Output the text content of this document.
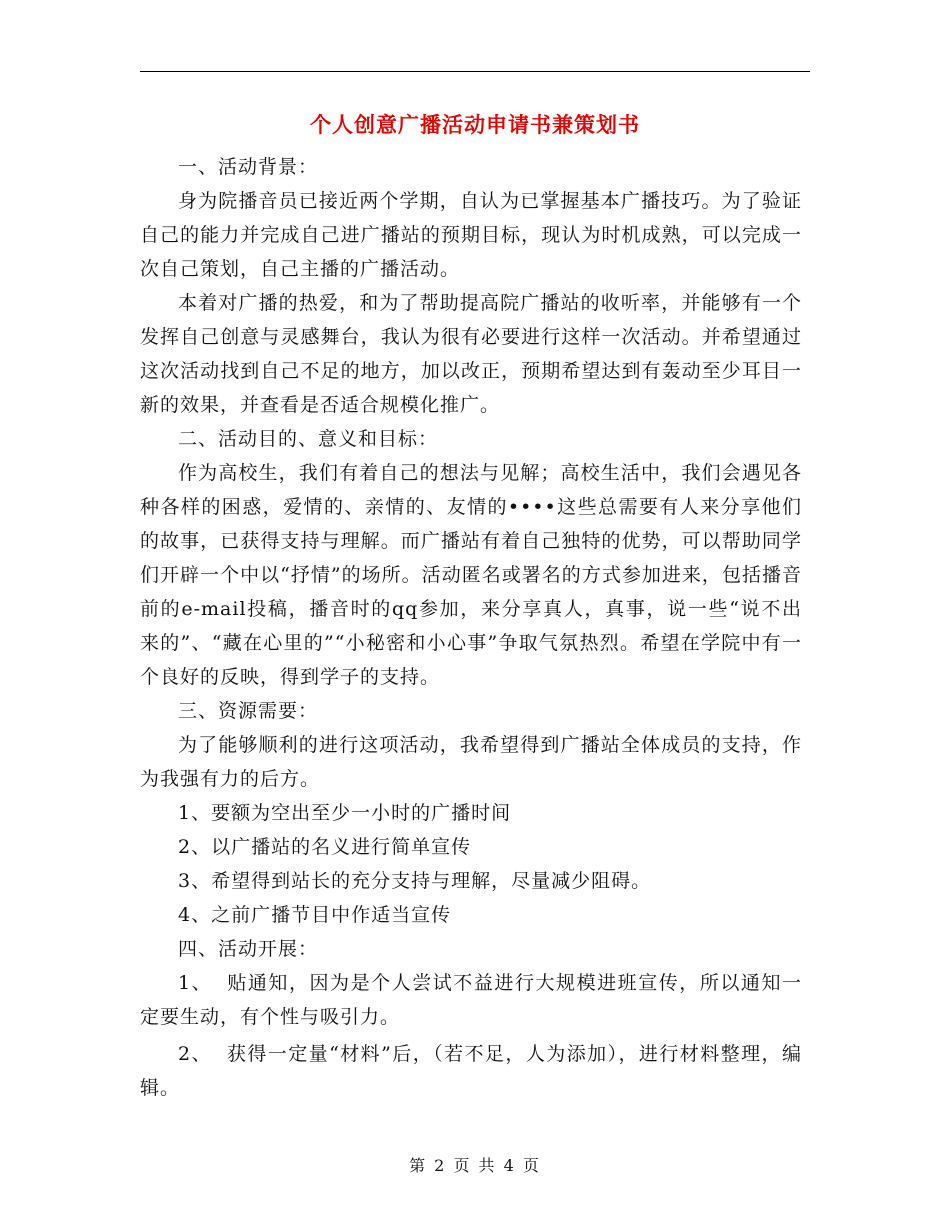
个人创意广播活动申请书兼策划书

一、活动背景：

身为院播音员已接近两个学期，自认为已掌握基本广播技巧。为了验证自己的能力并完成自己进广播站的预期目标，现认为时机成熟，可以完成一次自己策划，自己主播的广播活动。

本着对广播的热爱，和为了帮助提高院广播站的收听率，并能够有一个发挥自己创意与灵感舞台，我认为很有必要进行这样一次活动。并希望通过这次活动找到自己不足的地方，加以改正，预期希望达到有轰动至少耳目一新的效果，并查看是否适合规模化推广。

二、活动目的、意义和目标：

作为高校生，我们有着自己的想法与见解；高校生活中，我们会遇见各种各样的困惑，爱情的、亲情的、友情的••••这些总需要有人来分享他们的故事，已获得支持与理解。而广播站有着自己独特的优势，可以帮助同学们开辟一个中以“抒情”的场所。活动匿名或署名的方式参加进来，包括播音前的e-mail投稿，播音时的qq参加，来分享真人，真事，说一些“说不出来的”、“藏在心里的”“小秘密和小心事”争取气氛热烈。希望在学院中有一个良好的反映，得到学子的支持。

三、资源需要：

为了能够顺利的进行这项活动，我希望得到广播站全体成员的支持，作为我强有力的后方。

1、要额为空出至少一小时的广播时间

2、以广播站的名义进行简单宣传

3、希望得到站长的充分支持与理解，尽量减少阻碍。

4、之前广播节目中作适当宣传

四、活动开展：

1、  贴通知，因为是个人尝试不益进行大规模进班宣传，所以通知一定要生动，有个性与吸引力。

2、  获得一定量“材料”后，（若不足，人为添加），进行材料整理，编辑。

第 2 页 共 4 页
